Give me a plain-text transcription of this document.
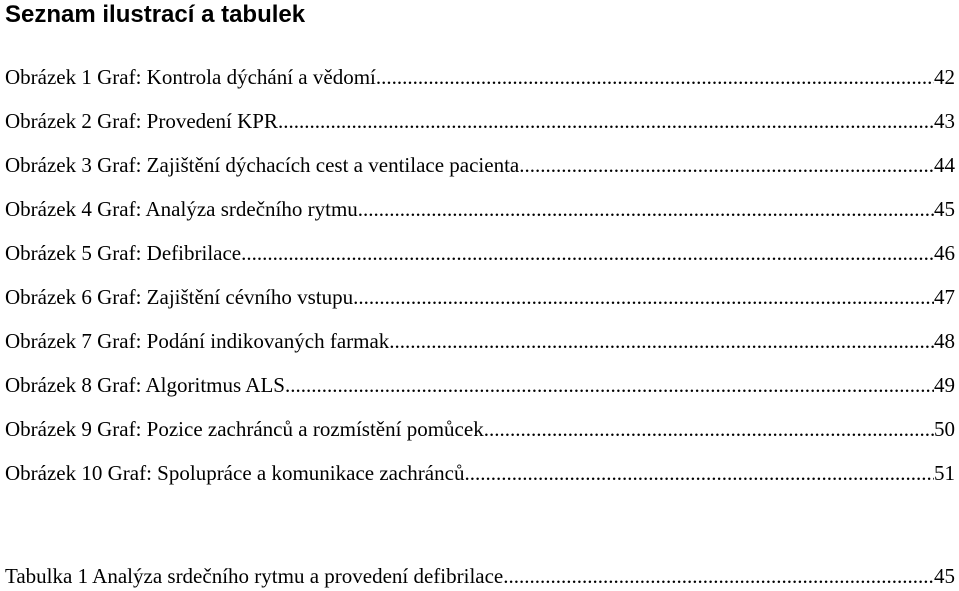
Seznam ilustrací a tabulek
Obrázek 1 Graf: Kontrola dýchání a vědomí .....	42
Obrázek 2 Graf: Provedení KPR .....	43
Obrázek 3 Graf: Zajištění dýchacích cest a ventilace pacienta .....	44
Obrázek 4 Graf: Analýza srdečního rytmu .....	45
Obrázek 5 Graf: Defibrilace .....	46
Obrázek 6 Graf: Zajištění cévního vstupu .....	47
Obrázek 7 Graf: Podání indikovaných farmak .....	48
Obrázek 8 Graf: Algoritmus ALS .....	49
Obrázek 9 Graf: Pozice zachránců a rozmístění pomůcek .....	50
Obrázek 10 Graf: Spolupráce a komunikace zachránců .....	51
Tabulka 1 Analýza srdečního rytmu a provedení defibrilace .....	45
